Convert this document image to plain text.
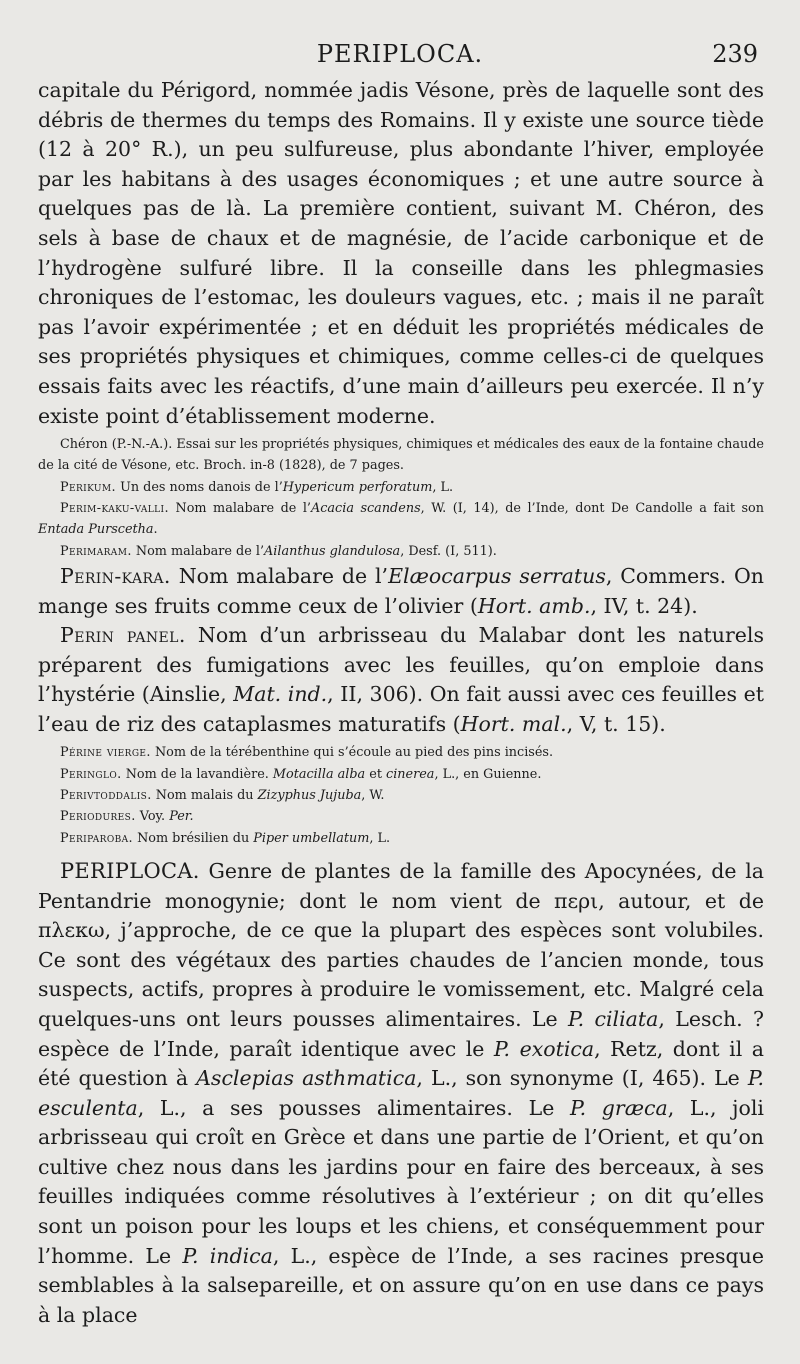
PERIPLOCA.	239

capitale du Périgord, nommée jadis Vésone, près de laquelle sont des débris de thermes du temps des Romains. Il y existe une source tiède (12 à 20° R.), un peu sulfureuse, plus abondante l’hiver, employée par les habitans à des usages économiques ; et une autre source à quelques pas de là. La première contient, suivant M. Chéron, des sels à base de chaux et de magnésie, de l’acide carbonique et de l’hydrogène sulfuré libre. Il la conseille dans les phlegmasies chroniques de l’estomac, les douleurs vagues, etc. ; mais il ne paraît pas l’avoir expérimentée ; et en déduit les propriétés médicales de ses propriétés physiques et chimiques, comme celles-ci de quelques essais faits avec les réactifs, d’une main d’ailleurs peu exercée. Il n’y existe point d’établissement moderne.

Chéron (P.-N.-A.). Essai sur les propriétés physiques, chimiques et médicales des eaux de la fontaine chaude de la cité de Vésone, etc. Broch. in-8 (1828), de 7 pages.

Perikum. Un des noms danois de l’Hypericum perforatum, L.

Perim-kaku-valli. Nom malabare de l’Acacia scandens, W. (I, 14), de l’Inde, dont De Candolle a fait son Entada Purscetha.

Perimaram. Nom malabare de l’Ailanthus glandulosa, Desf. (I, 511).

Perin-kara. Nom malabare de l’Elæocarpus serratus, Commers. On mange ses fruits comme ceux de l’olivier (Hort. amb., IV, t. 24).

Perin panel. Nom d’un arbrisseau du Malabar dont les naturels préparent des fumigations avec les feuilles, qu’on emploie dans l’hystérie (Ainslie, Mat. ind., II, 306). On fait aussi avec ces feuilles et l’eau de riz des cataplasmes maturatifs (Hort. mal., V, t. 15).

Périne vierge. Nom de la térébenthine qui s’écoule au pied des pins incisés.

Peringlo. Nom de la lavandière. Motacilla alba et cinerea, L., en Guienne.

Perivtoddalis. Nom malais du Zizyphus Jujuba, W.

Periodures. Voy. Per.

Periparoba. Nom brésilien du Piper umbellatum, L.

PERIPLOCA. Genre de plantes de la famille des Apocynées, de la Pentandrie monogynie; dont le nom vient de περι, autour, et de πλεκω, j’approche, de ce que la plupart des espèces sont volubiles. Ce sont des végétaux des parties chaudes de l’ancien monde, tous suspects, actifs, propres à produire le vomissement, etc. Malgré cela quelques-uns ont leurs pousses alimentaires. Le P. ciliata, Lesch. ? espèce de l’Inde, paraît identique avec le P. exotica, Retz, dont il a été question à Asclepias asthmatica, L., son synonyme (I, 465). Le P. esculenta, L., a ses pousses alimentaires. Le P. græca, L., joli arbrisseau qui croît en Grèce et dans une partie de l’Orient, et qu’on cultive chez nous dans les jardins pour en faire des berceaux, à ses feuilles indiquées comme résolutives à l’extérieur ; on dit qu’elles sont un poison pour les loups et les chiens, et conséquemment pour l’homme. Le P. indica, L., espèce de l’Inde, a ses racines presque semblables à la salsepareille, et on assure qu’on en use dans ce pays à la place
